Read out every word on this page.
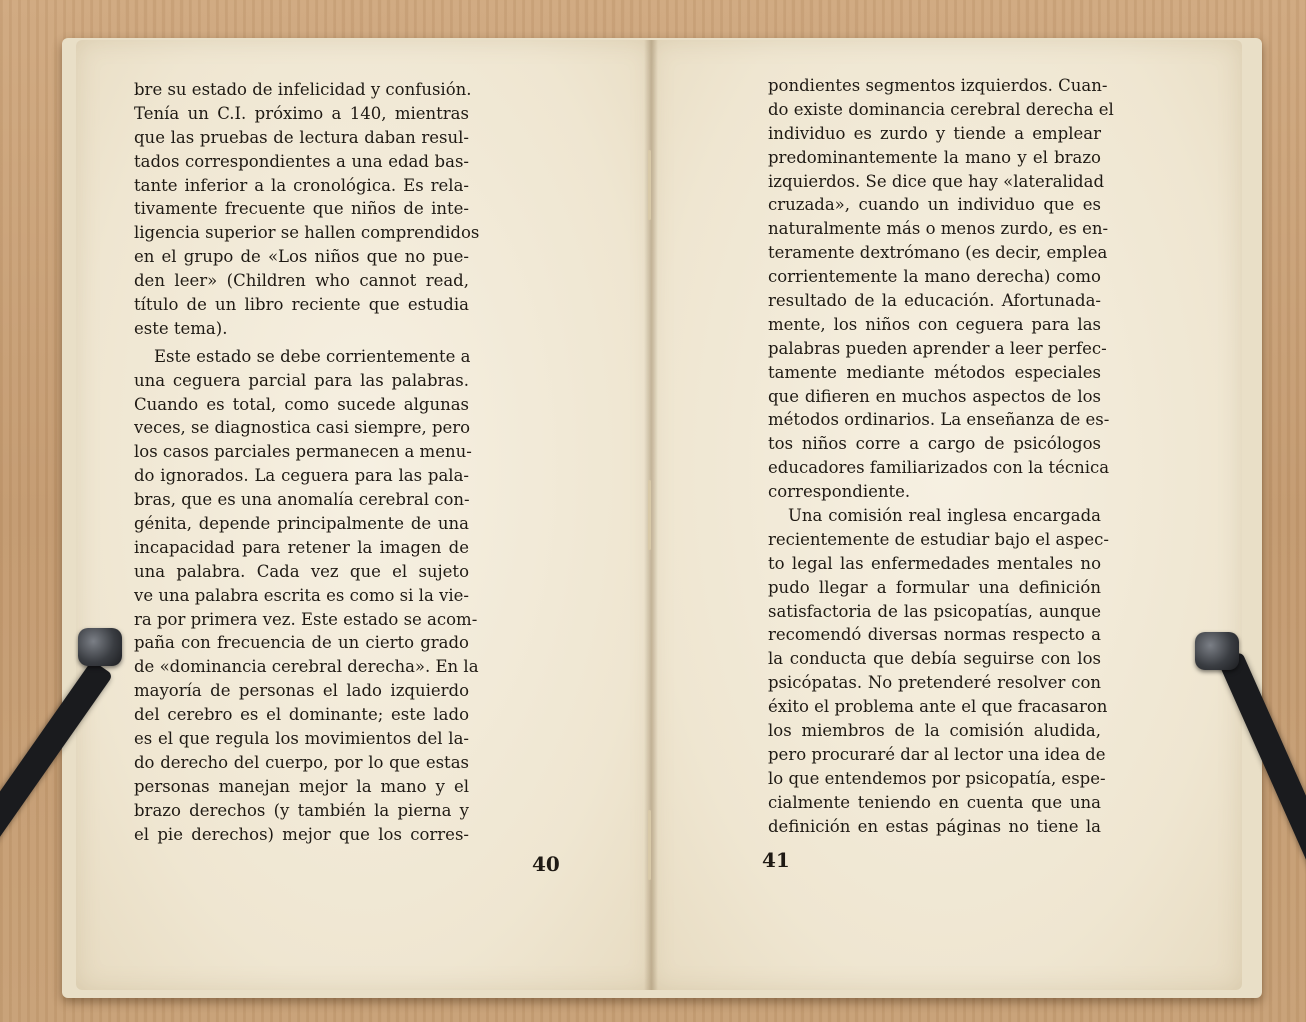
bre su estado de infelicidad y confusión.
Tenía un C.I. próximo a 140, mientras
que las pruebas de lectura daban resul-
tados correspondientes a una edad bas-
tante inferior a la cronológica. Es rela-
tivamente frecuente que niños de inte-
ligencia superior se hallen comprendidos
en el grupo de «Los niños que no pue-
den leer» (Children who cannot read,
título de un libro reciente que estudia
este tema).
Este estado se debe corrientemente a
una ceguera parcial para las palabras.
Cuando es total, como sucede algunas
veces, se diagnostica casi siempre, pero
los casos parciales permanecen a menu-
do ignorados. La ceguera para las pala-
bras, que es una anomalía cerebral con-
génita, depende principalmente de una
incapacidad para retener la imagen de
una palabra. Cada vez que el sujeto
ve una palabra escrita es como si la vie-
ra por primera vez. Este estado se acom-
paña con frecuencia de un cierto grado
de «dominancia cerebral derecha». En la
mayoría de personas el lado izquierdo
del cerebro es el dominante; este lado
es el que regula los movimientos del la-
do derecho del cuerpo, por lo que estas
personas manejan mejor la mano y el
brazo derechos (y también la pierna y
el pie derechos) mejor que los corres-
40
pondientes segmentos izquierdos. Cuan-
do existe dominancia cerebral derecha el
individuo es zurdo y tiende a emplear
predominantemente la mano y el brazo
izquierdos. Se dice que hay «lateralidad
cruzada», cuando un individuo que es
naturalmente más o menos zurdo, es en-
teramente dextrómano (es decir, emplea
corrientemente la mano derecha) como
resultado de la educación. Afortunada-
mente, los niños con ceguera para las
palabras pueden aprender a leer perfec-
tamente mediante métodos especiales
que difieren en muchos aspectos de los
métodos ordinarios. La enseñanza de es-
tos niños corre a cargo de psicólogos
educadores familiarizados con la técnica
correspondiente.
Una comisión real inglesa encargada
recientemente de estudiar bajo el aspec-
to legal las enfermedades mentales no
pudo llegar a formular una definición
satisfactoria de las psicopatías, aunque
recomendó diversas normas respecto a
la conducta que debía seguirse con los
psicópatas. No pretenderé resolver con
éxito el problema ante el que fracasaron
los miembros de la comisión aludida,
pero procuraré dar al lector una idea de
lo que entendemos por psicopatía, espe-
cialmente teniendo en cuenta que una
definición en estas páginas no tiene la
41
